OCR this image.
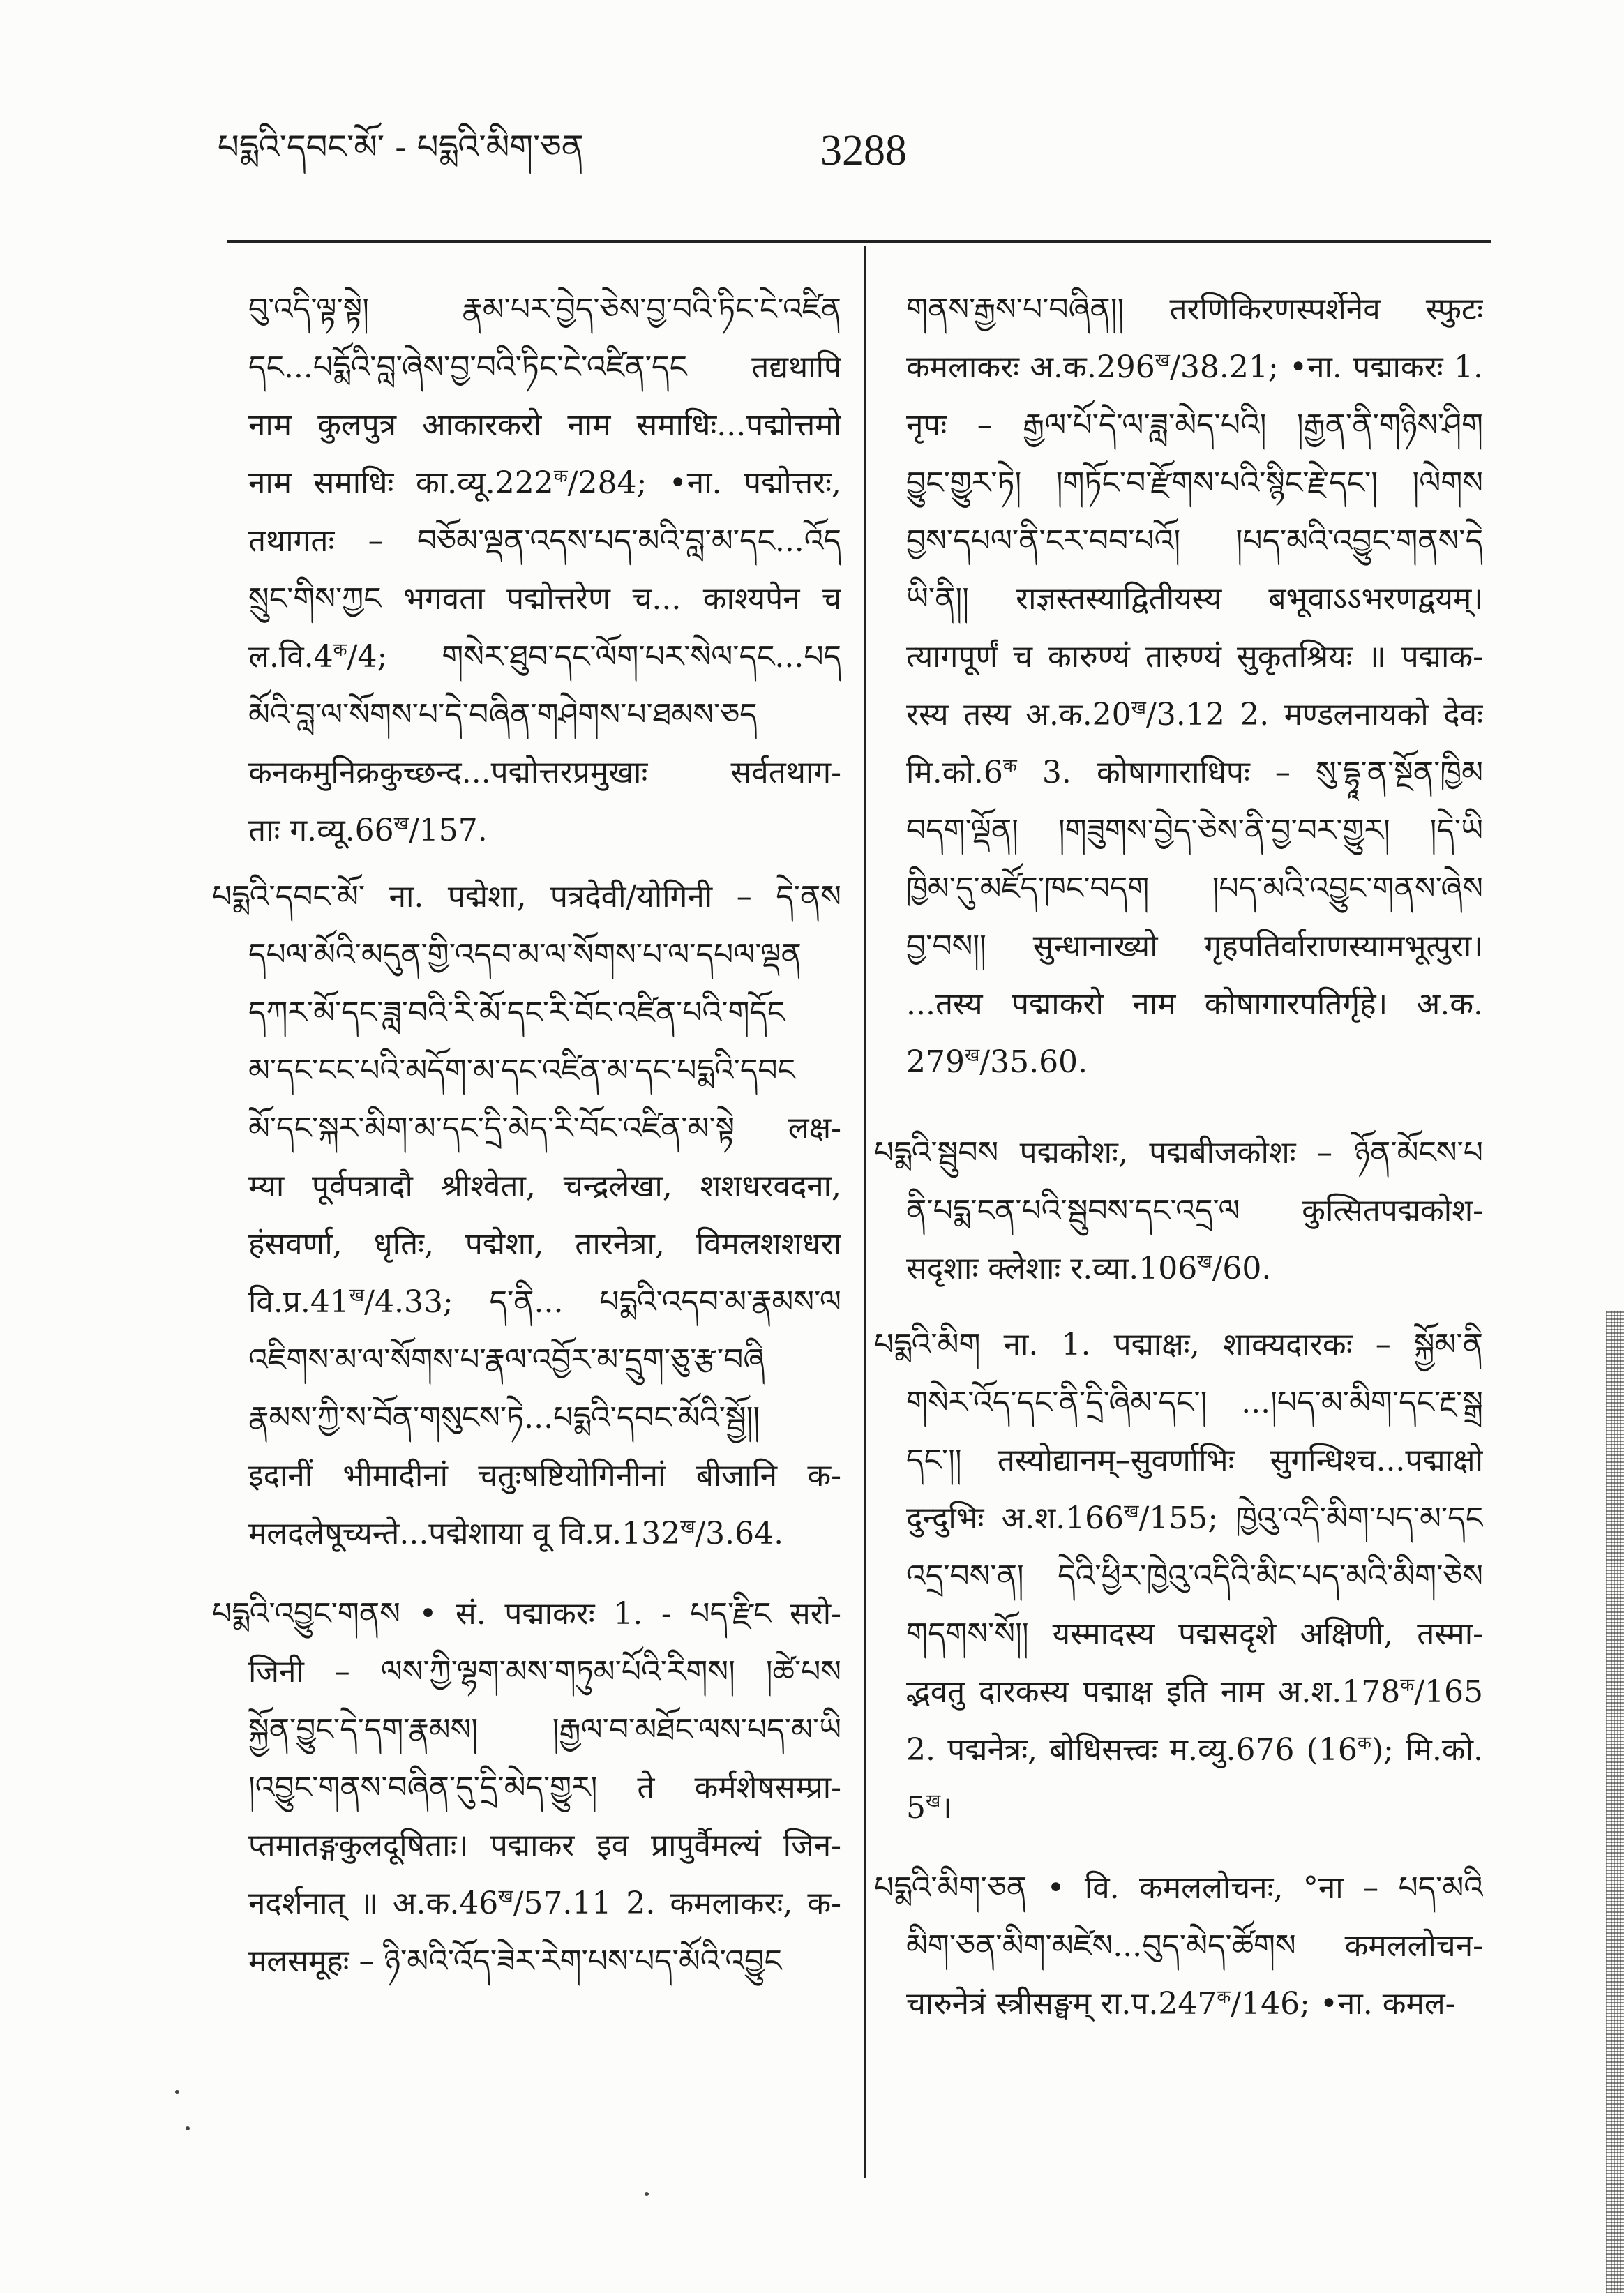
པདྨའི་དབང་མོ་ - པདྨའི་མིག་ཅན	3288
བུ་འདི་ལྟ་སྟེ། རྣམ་པར་བྱེད་ཅེས་བྱ་བའི་ཏིང་ངེ་འཛིན
དང...པདྨོའི་བླ་ཞེས་བྱ་བའི་ཏིང་ངེ་འཛིན་དང तद्यथापि
नाम कुलपुत्र आकारकरो नाम समाधिः...पद्मोत्तमो
नाम समाधिः $का.व्यू.222^क/284$; •ना. पद्मोत्तरः,
तथागतः – བཅོམ་ལྡན་འདས་པད་མའི་བླ་མ་དང...འོད
སྲུང་གིས་ཀྱང भगवता पद्मोत्तरेण च... काश्यपेन च
$ल.वि.4^क/4$; གསེར་ཐུབ་དང་ལོག་པར་སེལ་དང...པད
མོའི་བླ་ལ་སོགས་པ་དེ་བཞིན་གཤེགས་པ་ཐམས་ཅད
कनकमुनिक्रकुच्छन्द...पद्मोत्तरप्रमुखाः सर्वतथाग-
ताः $ग.व्यू.66^ख/157$.
པདྨའི་དབང་མོ་ ना. पद्मेशा, पत्रदेवी/योगिनी – དེ་ནས
དཔལ་མོའི་མདུན་གྱི་འདབ་མ་ལ་སོགས་པ་ལ་དཔལ་ལྡན
དཀར་མོ་དང་ཟླ་བའི་རི་མོ་དང་རི་བོང་འཛིན་པའི་གདོང
མ་དང་ངང་པའི་མདོག་མ་དང་འཛིན་མ་དང་པདྨའི་དབང
མོ་དང་སྐར་མིག་མ་དང་དྲི་མེད་རི་བོང་འཛིན་མ་སྟེ लक्ष-
म्या पूर्वपत्रादौ श्रीश्वेता, चन्द्रलेखा, शशधरवदना,
हंसवर्णा, धृतिः, पद्मेशा, तारनेत्रा, विमलशशधरा
$वि.प्र.41^ख/4.33$; ད་ནི... པདྨའི་འདབ་མ་རྣམས་ལ
འཇིགས་མ་ལ་སོགས་པ་རྣལ་འབྱོར་མ་དྲུག་ཅུ་རྩ་བཞི
རྣམས་ཀྱི་ས་བོན་གསུངས་ཏེ...པདྨའི་དབང་མོའི་སྦྱོ།།
इदानीं भीमादीनां चतुःषष्टियोगिनीनां बीजानि क-
मलदलेषूच्यन्ते...पद्मेशाया वू $वि.प्र.132^ख/3.64$.
པདྨའི་འབྱུང་གནས • सं. पद्माकरः 1. - པད་རྫིང सरो-
जिनी – ལས་ཀྱི་ལྷག་མས་གཏུམ་པོའི་རིགས། །ཚེ་པས
སྐྱོན་བྱུང་དེ་དག་རྣམས། །རྒྱལ་བ་མཐོང་ལས་པད་མ་ཡི
།འབྱུང་གནས་བཞིན་དུ་དྲི་མེད་གྱུར། ते कर्मशेषसम्प्रा-
प्तमातङ्गकुलदूषिताः। पद्माकर इव प्रापुर्वैमल्यं जिन-
नदर्शनात् ॥ $अ.क.46^ख/57.11$ 2. कमलाकरः, क-
मलसमूहः – ཉི་མའི་འོད་ཟེར་རེག་པས་པད་མོའི་འབྱུང
གནས་རྒྱས་པ་བཞིན།། तरणिकिरणस्पर्शेनेव स्फुटः
कमलाकरः $अ.क.296^ख/38.21$; •ना. पद्माकरः 1.
नृपः – རྒྱལ་པོ་དེ་ལ་ཟླ་མེད་པའི། །རྒྱན་ནི་གཉིས་ཤིག
བྱུང་གྱུར་ཏེ། །གཏོང་བ་རྫོགས་པའི་སྙིང་རྗེ་དང་། །ལེགས
བྱས་དཔལ་ནི་ངར་བབ་པའོ། །པད་མའི་འབྱུང་གནས་དེ
ཡི་ནི།། राज्ञस्तस्याद्वितीयस्य बभूवाऽऽभरणद्वयम्।
त्यागपूर्णं च कारुण्यं तारुण्यं सुकृतश्रियः ॥ पद्माक-
रस्य तस्य $अ.क.20^ख/3.12$ 2. मण्डलनायको देवः
$मि.को.6^क$ 3. कोषागाराधिपः – སུ་དྷཱ་ན་སྔོན་ཁྱིམ
བདག་ལྡོན། །གཟུགས་བྱེད་ཅེས་ནི་བྱ་བར་གྱུར། །དེ་ཡི
ཁྱིམ་དུ་མཛོད་ཁང་བདག །པད་མའི་འབྱུང་གནས་ཞེས
བྱ་བས།། सुन्धानाख्यो गृहपतिर्वाराणस्यामभूत्पुरा।
...तस्य पद्माकरो नाम कोषागारपतिर्गृहे। अ.क.
$279^ख/35.60$.
པདྨའི་སྦུབས पद्मकोशः, पद्मबीजकोशः – ཉོན་མོངས་པ
ནི་པདྨ་ངན་པའི་སྦུབས་དང་འདྲ་ལ कुत्सितपद्मकोश-
सदृशाः क्लेशाः $र.व्या.106^ख/60$.
པདྨའི་མིག ना. 1. पद्माक्षः, शाक्यदारकः – སྐྱོམ་ནི
གསེར་འོད་དང་ནི་དྲི་ཞིམ་དང་། ...།པད་མ་མིག་དང་རྔ་སྒྲ
དང་།། तस्योद्यानम्–सुवर्णाभिः सुगन्धिश्च...पद्माक्षो
दुन्दुभिः $अ.श.166^ख/155$; ཁྱེའུ་འདི་མིག་པད་མ་དང
འདྲ་བས་ན། དེའི་ཕྱིར་ཁྱེའུ་འདིའི་མིང་པད་མའི་མིག་ཅེས
གདགས་སོ།། यस्मादस्य पद्मसदृशे अक्षिणी, तस्मा-
द्भवतु दारकस्य पद्माक्ष इति नाम $अ.श.178^क/165$
2. पद्मनेत्रः, बोधिसत्त्वः म.व्यु.676 $(16^क)$; मि.को.
$5^ख।$
པདྨའི་མིག་ཅན • वि. कमललोचनः, °ना – པད་མའི
མིག་ཅན་མིག་མཛེས...བུད་མེད་ཚོགས कमललोचन-
चारुनेत्रं स्त्रीसङ्घम् $रा.प.247^क/146$; •ना. कमल-
